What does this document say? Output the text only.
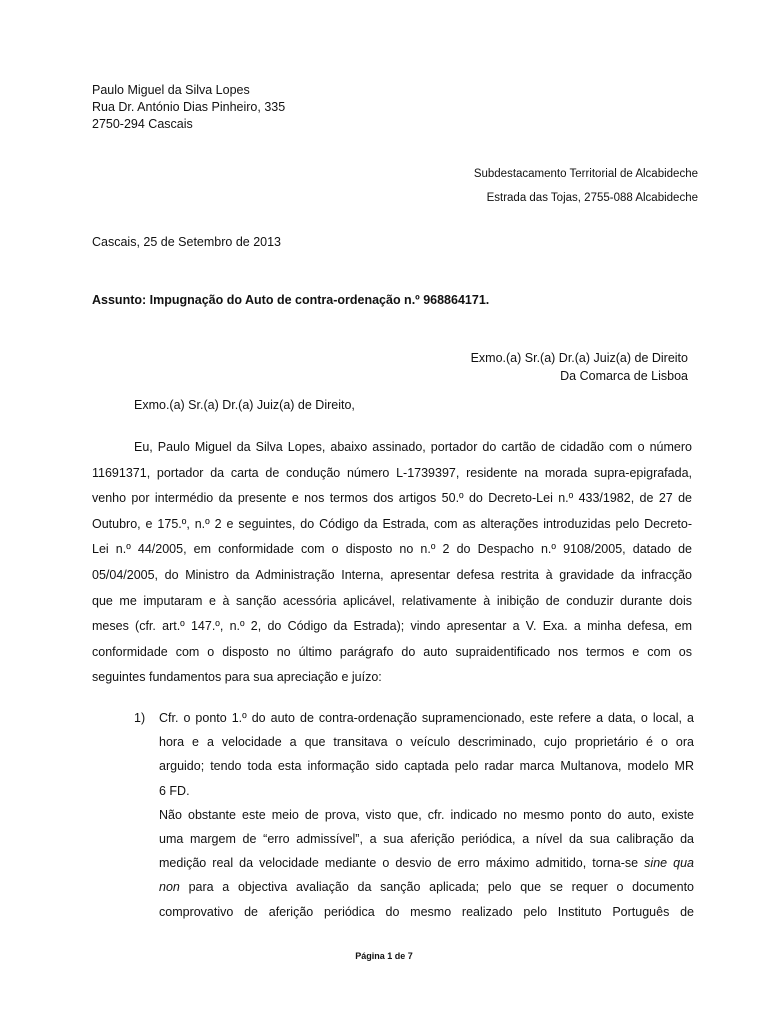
Paulo Miguel da Silva Lopes
Rua Dr. António Dias Pinheiro, 335
2750-294 Cascais
Subdestacamento Territorial de Alcabideche
Estrada das Tojas, 2755-088 Alcabideche
Cascais, 25 de Setembro de 2013
Assunto: Impugnação do Auto de contra-ordenação n.º 968864171.
Exmo.(a) Sr.(a) Dr.(a) Juiz(a) de Direito
Da Comarca de Lisboa
Exmo.(a) Sr.(a) Dr.(a) Juiz(a) de Direito,
Eu, Paulo Miguel da Silva Lopes, abaixo assinado, portador do cartão de cidadão com o número
11691371, portador da carta de condução número L-1739397, residente na morada supra-epigrafada,
venho por intermédio da presente e nos termos dos artigos 50.º do Decreto-Lei n.º 433/1982, de 27 de
Outubro, e 175.º, n.º 2 e seguintes, do Código da Estrada, com as alterações introduzidas pelo Decreto-
Lei n.º 44/2005, em conformidade com o disposto no n.º 2 do Despacho n.º 9108/2005, datado de
05/04/2005, do Ministro da Administração Interna, apresentar defesa restrita à gravidade da infracção
que me imputaram e à sanção acessória aplicável, relativamente à inibição de conduzir durante dois
meses (cfr. art.º 147.º, n.º 2, do Código da Estrada); vindo apresentar a V. Exa. a minha defesa, em
conformidade com o disposto no último parágrafo do auto supraidentificado nos termos e com os
seguintes fundamentos para sua apreciação e juízo:
1) Cfr. o ponto 1.º do auto de contra-ordenação supramencionado, este refere a data, o local, a
hora e a velocidade a que transitava o veículo descriminado, cujo proprietário é o ora
arguido; tendo toda esta informação sido captada pelo radar marca Multanova, modelo MR
6 FD.
Não obstante este meio de prova, visto que, cfr. indicado no mesmo ponto do auto, existe
uma margem de “erro admissível”, a sua aferição periódica, a nível da sua calibração da
medição real da velocidade mediante o desvio de erro máximo admitido, torna-se sine qua
non para a objectiva avaliação da sanção aplicada; pelo que se requer o documento
comprovativo de aferição periódica do mesmo realizado pelo Instituto Português de
Página 1 de 7
